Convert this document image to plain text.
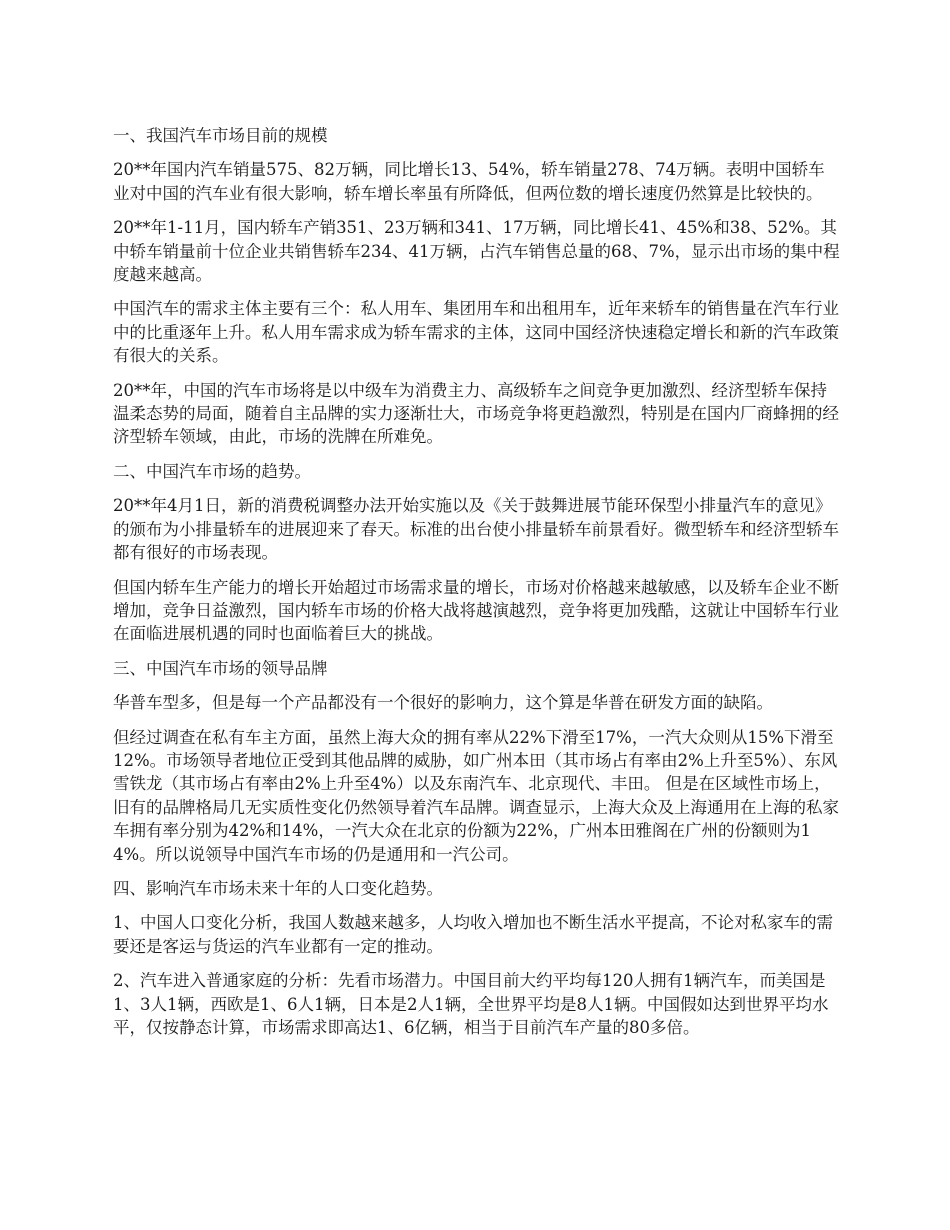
一、我国汽车市场目前的规模

20**年国内汽车销量575、82万辆，同比增长13、54%，轿车销量278、74万辆。表明中国轿车业对中国的汽车业有很大影响，轿车增长率虽有所降低，但两位数的增长速度仍然算是比较快的。

20**年1-11月，国内轿车产销351、23万辆和341、17万辆，同比增长41、45%和38、52%。其中轿车销量前十位企业共销售轿车234、41万辆，占汽车销售总量的68、7%，显示出市场的集中程度越来越高。

中国汽车的需求主体主要有三个：私人用车、集团用车和出租用车，近年来轿车的销售量在汽车行业中的比重逐年上升。私人用车需求成为轿车需求的主体，这同中国经济快速稳定增长和新的汽车政策有很大的关系。

20**年，中国的汽车市场将是以中级车为消费主力、高级轿车之间竞争更加激烈、经济型轿车保持温柔态势的局面，随着自主品牌的实力逐渐壮大，市场竞争将更趋激烈，特别是在国内厂商蜂拥的经济型轿车领域，由此，市场的洗牌在所难免。

二、中国汽车市场的趋势。

20**年4月1日，新的消费税调整办法开始实施以及《关于鼓舞进展节能环保型小排量汽车的意见》的颁布为小排量轿车的进展迎来了春天。标准的出台使小排量轿车前景看好。微型轿车和经济型轿车都有很好的市场表现。

但国内轿车生产能力的增长开始超过市场需求量的增长，市场对价格越来越敏感，以及轿车企业不断增加，竞争日益激烈，国内轿车市场的价格大战将越演越烈，竞争将更加残酷，这就让中国轿车行业在面临进展机遇的同时也面临着巨大的挑战。

三、中国汽车市场的领导品牌

华普车型多，但是每一个产品都没有一个很好的影响力，这个算是华普在研发方面的缺陷。

但经过调查在私有车主方面，虽然上海大众的拥有率从22%下滑至17%，一汽大众则从15%下滑至12%。市场领导者地位正受到其他品牌的威胁，如广州本田（其市场占有率由2%上升至5%）、东风雪铁龙（其市场占有率由2%上升至4%）以及东南汽车、北京现代、丰田。 但是在区域性市场上，旧有的品牌格局几无实质性变化仍然领导着汽车品牌。调查显示，上海大众及上海通用在上海的私家车拥有率分别为42%和14%，一汽大众在北京的份额为22%，广州本田雅阁在广州的份额则为14%。所以说领导中国汽车市场的仍是通用和一汽公司。

四、影响汽车市场未来十年的人口变化趋势。

1、中国人口变化分析，我国人数越来越多，人均收入增加也不断生活水平提高，不论对私家车的需要还是客运与货运的汽车业都有一定的推动。

2、汽车进入普通家庭的分析：先看市场潜力。中国目前大约平均每120人拥有1辆汽车，而美国是1、3人1辆，西欧是1、6人1辆，日本是2人1辆，全世界平均是8人1辆。中国假如达到世界平均水平，仅按静态计算，市场需求即高达1、6亿辆，相当于目前汽车产量的80多倍。
